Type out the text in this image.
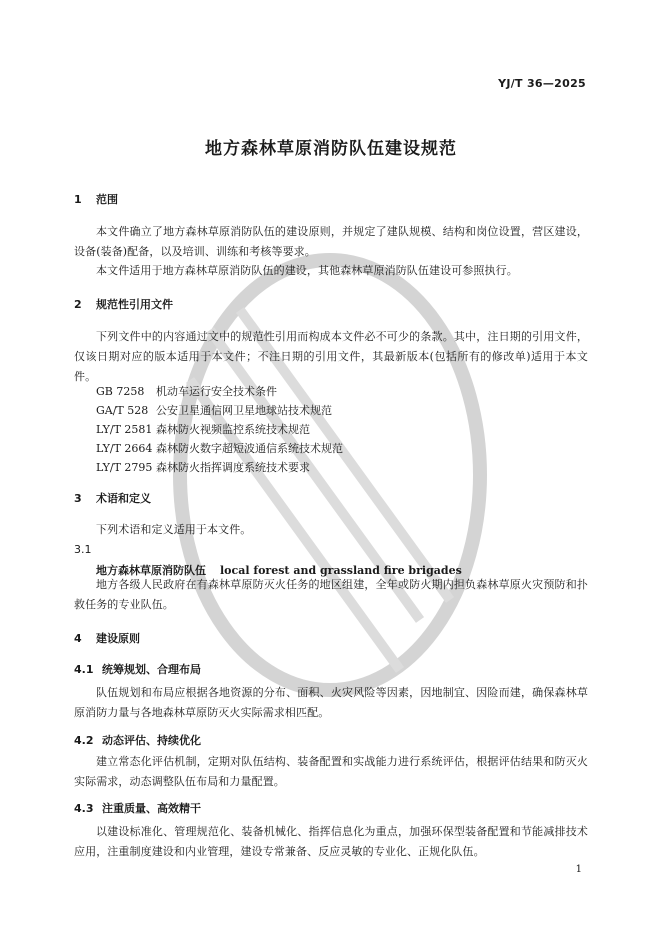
YJ/T 36—2025
地方森林草原消防队伍建设规范
1 范围
本文件确立了地方森林草原消防队伍的建设原则，并规定了建队规模、结构和岗位设置，营区建设，设备(装备)配备，以及培训、训练和考核等要求。
本文件适用于地方森林草原消防队伍的建设，其他森林草原消防队伍建设可参照执行。
2 规范性引用文件
下列文件中的内容通过文中的规范性引用而构成本文件必不可少的条款。其中，注日期的引用文件，仅该日期对应的版本适用于本文件；不注日期的引用文件，其最新版本(包括所有的修改单)适用于本文件。
GB 7258 机动车运行安全技术条件
GA/T 528 公安卫星通信网卫星地球站技术规范
LY/T 2581 森林防火视频监控系统技术规范
LY/T 2664 森林防火数字超短波通信系统技术规范
LY/T 2795 森林防火指挥调度系统技术要求
3 术语和定义
下列术语和定义适用于本文件。
3.1
地方森林草原消防队伍 local forest and grassland fire brigades
地方各级人民政府在有森林草原防灭火任务的地区组建，全年或防火期内担负森林草原火灾预防和扑救任务的专业队伍。
4 建设原则
4.1 统筹规划、合理布局
队伍规划和布局应根据各地资源的分布、面积、火灾风险等因素，因地制宜、因险而建，确保森林草原消防力量与各地森林草原防灭火实际需求相匹配。
4.2 动态评估、持续优化
建立常态化评估机制，定期对队伍结构、装备配置和实战能力进行系统评估，根据评估结果和防灭火实际需求，动态调整队伍布局和力量配置。
4.3 注重质量、高效精干
以建设标准化、管理规范化、装备机械化、指挥信息化为重点，加强环保型装备配置和节能减排技术应用，注重制度建设和内业管理，建设专常兼备、反应灵敏的专业化、正规化队伍。
1
